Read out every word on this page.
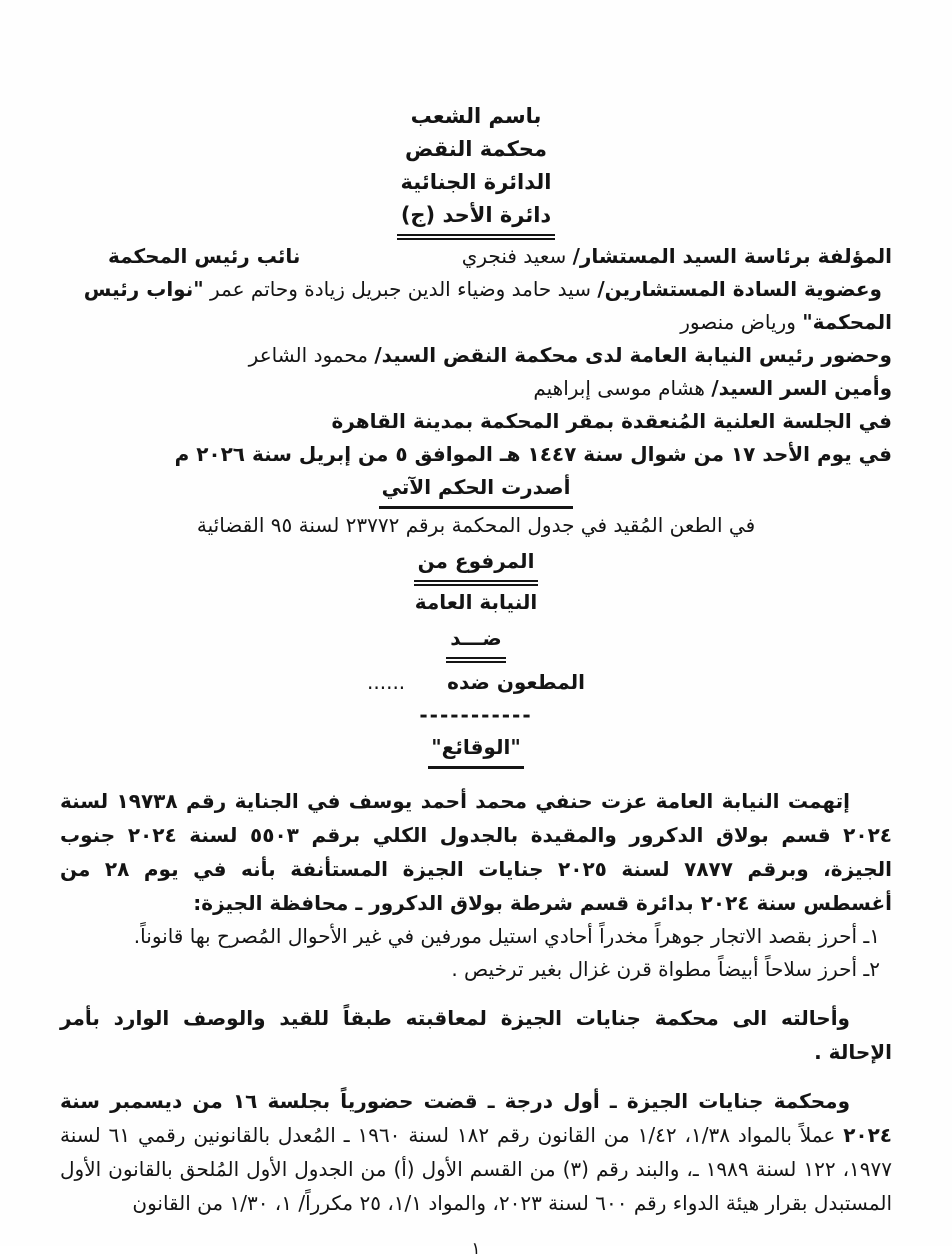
باسم الشعب
محكمة النقض
الدائرة الجنائية
دائرة الأحد (ج)
المؤلفة برئاسة السيد المستشار/ سعيد فنجري
نائب رئيس المحكمة

وعضوية السادة المستشارين/ سيد حامد وضياء الدين جبريل زيادة وحاتم عمر "نواب رئيس المحكمة" ورياض منصور

وحضور رئيس النيابة العامة لدى محكمة النقض السيد/ محمود الشاعر

وأمين السر السيد/ هشام موسى إبراهيم

في الجلسة العلنية المُنعقدة بمقر المحكمة بمدينة القاهرة

في يوم الأحد ١٧ من شوال سنة ١٤٤٧ هـ الموافق ٥ من إبريل سنة ٢٠٢٦ م

أصدرت الحكم الآتي
في الطعن المُقيد في جدول المحكمة برقم ٢٣٧٧٢ لسنة ٩٥ القضائية
المرفوع من
النيابة العامة
ضـــد
المطعون ضده......
-----------
"الوقائع"

إتهمت النيابة العامة عزت حنفي محمد أحمد يوسف في الجناية رقم ١٩٧٣٨ لسنة ٢٠٢٤ قسم بولاق الدكرور والمقيدة بالجدول الكلي برقم ٥٥٠٣ لسنة ٢٠٢٤ جنوب الجيزة، وبرقم ٧٨٧٧ لسنة ٢٠٢٥ جنايات الجيزة المستأنفة بأنه في يوم ٢٨ من أغسطس سنة ٢٠٢٤ بدائرة قسم شرطة بولاق الدكرور ـ محافظة الجيزة:

١ـ أحرز بقصد الاتجار جوهراً مخدراً أحادي استيل مورفين في غير الأحوال المُصرح بها قانوناً.

٢ـ أحرز سلاحاً أبيضاً مطواة قرن غزال بغير ترخيص .

وأحالته الى محكمة جنايات الجيزة لمعاقبته طبقاً للقيد والوصف الوارد بأمر الإحالة .

ومحكمة جنايات الجيزة ـ أول درجة ـ قضت حضورياً بجلسة ١٦ من ديسمبر سنة ٢٠٢٤ عملاً بالمواد ١/٣٨، ١/٤٢ من القانون رقم ١٨٢ لسنة ١٩٦٠ ـ المُعدل بالقانونين رقمي ٦١ لسنة ١٩٧٧، ١٢٢ لسنة ١٩٨٩ ـ، والبند رقم (٣) من القسم الأول (أ) من الجدول الأول المُلحق بالقانون الأول المستبدل بقرار هيئة الدواء رقم ٦٠٠ لسنة ٢٠٢٣، والمواد ١/١، ٢٥ مكرراً/ ١، ١/٣٠ من القانون

١
